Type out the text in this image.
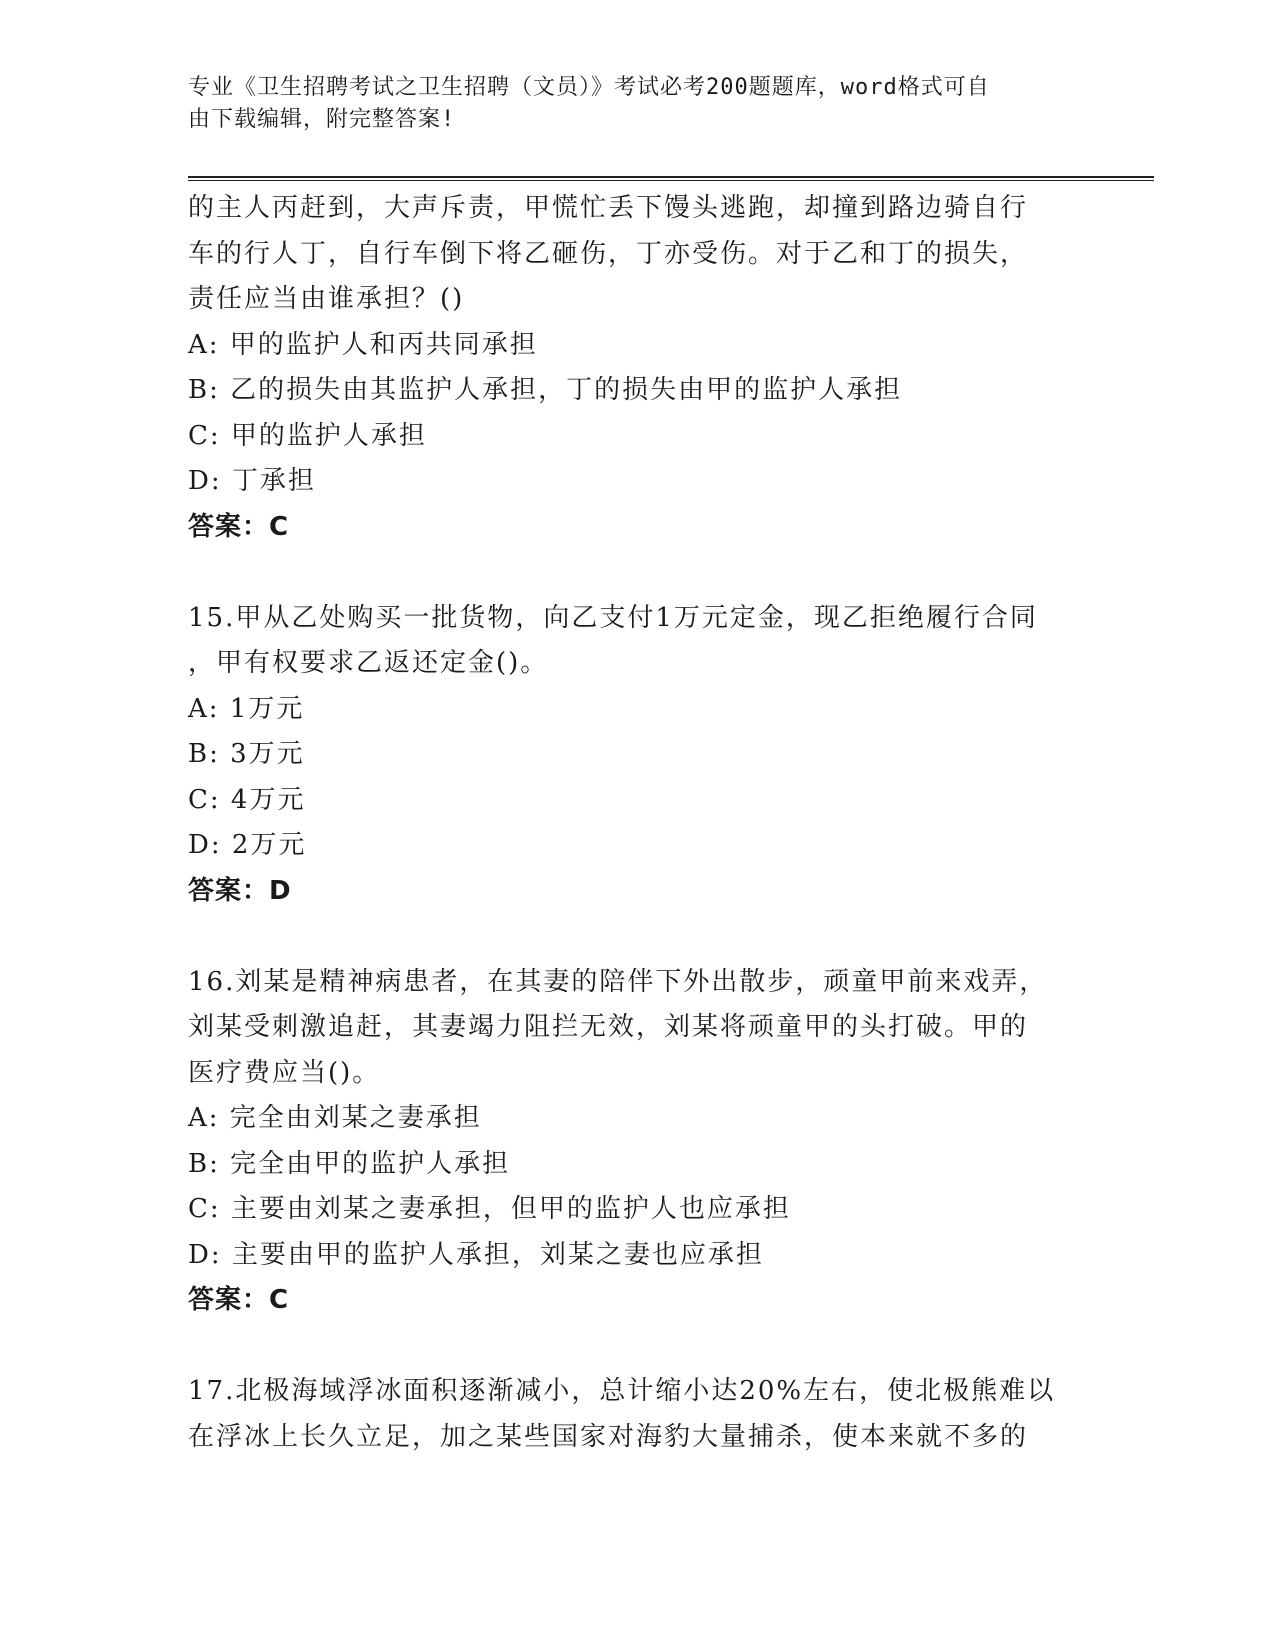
专业《卫生招聘考试之卫生招聘（文员）》考试必考200题题库，word格式可自
由下载编辑，附完整答案!
的主人丙赶到，大声斥责，甲慌忙丢下馒头逃跑，却撞到路边骑自行
车的行人丁，自行车倒下将乙砸伤，丁亦受伤。对于乙和丁的损失，
责任应当由谁承担？()
A: 甲的监护人和丙共同承担
B: 乙的损失由其监护人承担，丁的损失由甲的监护人承担
C: 甲的监护人承担
D: 丁承担
答案：C
15.甲从乙处购买一批货物，向乙支付1万元定金，现乙拒绝履行合同
，甲有权要求乙返还定金()。
A: 1万元
B: 3万元
C: 4万元
D: 2万元
答案：D
16.刘某是精神病患者，在其妻的陪伴下外出散步，顽童甲前来戏弄，
刘某受刺激追赶，其妻竭力阻拦无效，刘某将顽童甲的头打破。甲的
医疗费应当()。
A: 完全由刘某之妻承担
B: 完全由甲的监护人承担
C: 主要由刘某之妻承担，但甲的监护人也应承担
D: 主要由甲的监护人承担，刘某之妻也应承担
答案：C
17.北极海域浮冰面积逐渐减小，总计缩小达20%左右，使北极熊难以
在浮冰上长久立足，加之某些国家对海豹大量捕杀，使本来就不多的
